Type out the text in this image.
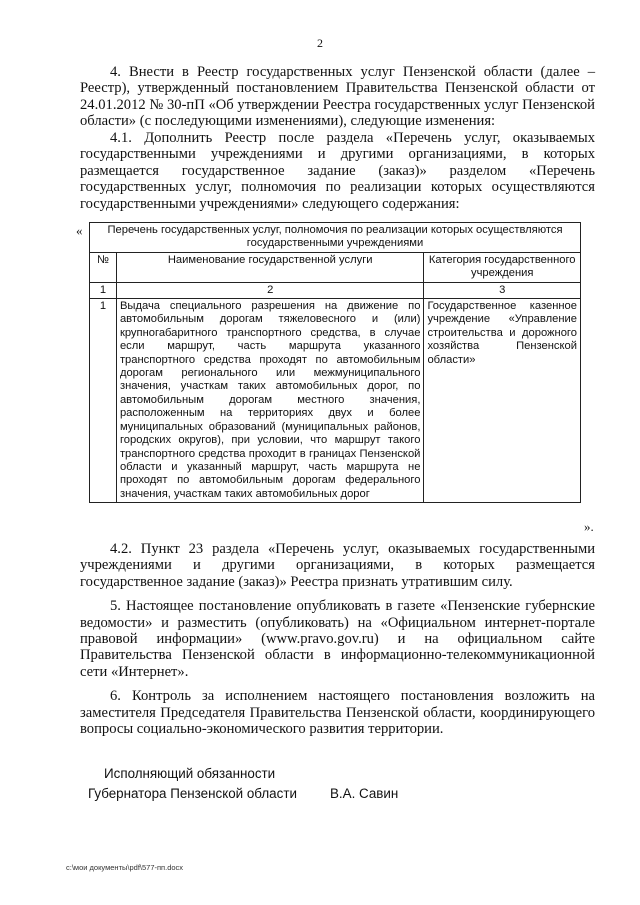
2

4. Внести в Реестр государственных услуг Пензенской области (далее – Реестр), утвержденный постановлением Правительства Пензенской области от 24.01.2012 № 30-пП «Об утверждении Реестра государственных услуг Пензенской области» (с последующими изменениями), следующие изменения:

4.1. Дополнить Реестр после раздела «Перечень услуг, оказываемых государственными учреждениями и другими организациями, в которых размещается государственное задание (заказ)» разделом «Перечень государственных услуг, полномочия по реализации которых осуществляются государственными учреждениями» следующего содержания:

« Перечень государственных услуг, полномочия по реализации которых осуществляются государственными учреждениями		
№	Наименование государственной услуги	Категория государственного учреждения
1	2	3
1	Выдача специального разрешения на движение по автомобильным дорогам тяжеловесного и (или) крупногабаритного транспортного средства, в случае если маршрут, часть маршрута указанного транспортного средства проходят по автомобильным дорогам регионального или межмуниципального значения, участкам таких автомобильных дорог, по автомобильным дорогам местного значения, расположенным на территориях двух и более муниципальных образований (муниципальных районов, городских округов), при условии, что маршрут такого транспортного средства проходит в границах Пензенской области и указанный маршрут, часть маршрута не проходят по автомобильным дорогам федерального значения, участкам таких автомобильных дорог	Государственное казенное учреждение «Управление строительства и дорожного хозяйства Пензенской области»
».

4.2. Пункт 23 раздела «Перечень услуг, оказываемых государственными учреждениями и другими организациями, в которых размещается государственное задание (заказ)» Реестра признать утратившим силу.

5. Настоящее постановление опубликовать в газете «Пензенские губернские ведомости» и разместить (опубликовать) на «Официальном интернет-портале правовой информации» (www.pravo.gov.ru) и на официальном сайте Правительства Пензенской области в информационно-телекоммуникационной сети «Интернет».

6. Контроль за исполнением настоящего постановления возложить на заместителя Председателя Правительства Пензенской области, координирующего вопросы социально-экономического развития территории.

Исполняющий обязанности
Губернатора Пензенской области В.А. Савин
c:\мои документы\pdf\577-пп.docx
